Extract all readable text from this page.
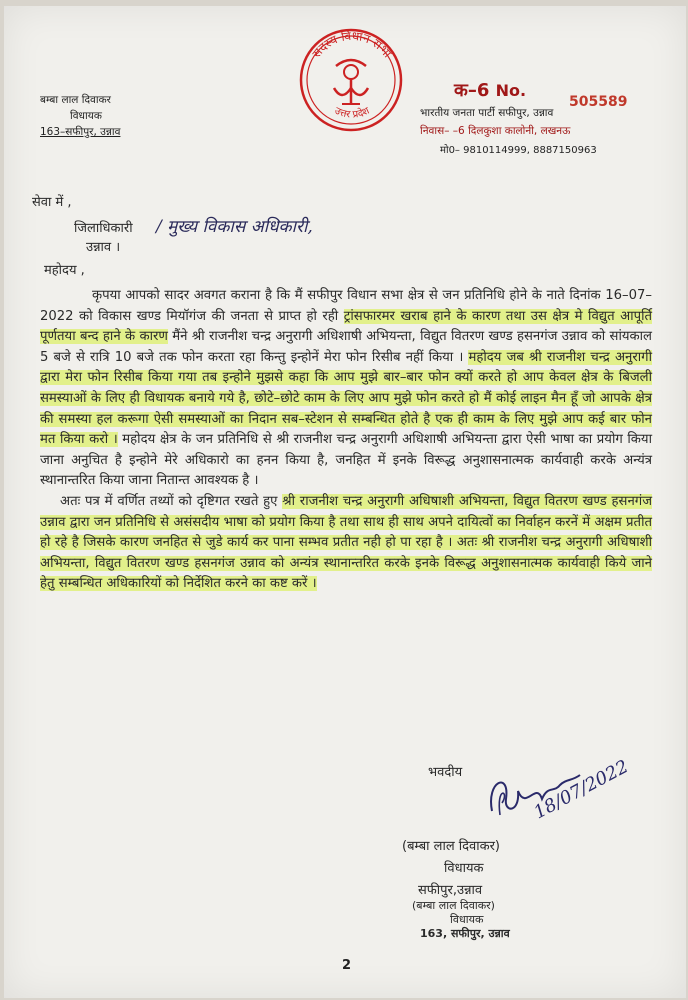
बम्बा लाल दिवाकर
विधायक
163–सफीपुर, उन्नाव
सदस्य विधान सभा
उत्तर प्रदेश
क–6 No.
505589
भारतीय जनता पार्टी सफीपुर, उन्नाव
निवास– –6 दिलकुशा कालोनी, लखनऊ
मो0– 9810114999, 8887150963
सेवा में ,
जिलाधिकारी / मुख्य विकास अधिकारी,
उन्नाव ।
महोदय ,

कृपया आपको सादर अवगत कराना है कि मैं सफीपुर विधान सभा क्षेत्र से जन प्रतिनिधि होने के नाते दिनांक 16–07–2022 को विकास खण्ड मियॉगंज की जनता से प्राप्त हो रही ट्रांसफारमर खराब हाने के कारण तथा उस क्षेत्र मे विद्युत आपूर्ति पूर्णतया बन्द हाने के कारण मैंने श्री राजनीश चन्द्र अनुरागी अधिशाषी अभियन्ता, विद्युत वितरण खण्ड हसनगंज उन्नाव को सांयकाल 5 बजे से रात्रि 10 बजे तक फोन करता रहा किन्तु इन्होनें मेरा फोन रिसीब नहीं किया । महोदय जब श्री राजनीश चन्द्र अनुरागी द्वारा मेरा फोन रिसीब किया गया तब इन्होने मुझसे कहा कि आप मुझे बार–बार फोन क्यों करते हो आप केवल क्षेत्र के बिजली समस्याओं के लिए ही विधायक बनाये गये है, छोटे–छोटे काम के लिए आप मुझे फोन करते हो मैं कोई लाइन मैन हूँ जो आपके क्षेत्र की समस्या हल करूगा ऐसी समस्याओं का निदान सब–स्टेशन से सम्बन्धित होते है एक ही काम के लिए मुझे आप कई बार फोन मत किया करो । महोदय क्षेत्र के जन प्रतिनिधि से श्री राजनीश चन्द्र अनुरागी अधिशाषी अभियन्ता द्वारा ऐसी भाषा का प्रयोग किया जाना अनुचित है इन्होने मेरे अधिकारो का हनन किया है, जनहित में इनके विरूद्ध अनुशासनात्मक कार्यवाही करके अन्यंत्र स्थानान्तरित किया जाना नितान्त आवश्यक है ।

अतः पत्र में वर्णित तथ्यों को दृष्टिगत रखते हुए श्री राजनीश चन्द्र अनुरागी अधिषाशी अभियन्ता, विद्युत वितरण खण्ड हसनगंज उन्नाव द्वारा जन प्रतिनिधि से असंसदीय भाषा को प्रयोग किया है तथा साथ ही साथ अपने दायित्वों का निर्वाहन करनें में अक्षम प्रतीत हो रहे है जिसके कारण जनहित से जुडे कार्य कर पाना सम्भव प्रतीत नही हो पा रहा है । अतः श्री राजनीश चन्द्र अनुरागी अधिषाशी अभियन्ता, विद्युत वितरण खण्ड हसनगंज उन्नाव को अन्यंत्र स्थानान्तरित करके इनके विरूद्ध अनुशासनात्मक कार्यवाही किये जाने हेतु सम्बन्धित अधिकारियों को निर्देशित करने का कष्ट करें ।

भवदीय	18/07/2022
(बम्बा लाल दिवाकर)
विधायक
सफीपुर,उन्नाव
(बम्बा लाल दिवाकर)
विधायक
163, सफीपुर, उन्नाव
2
